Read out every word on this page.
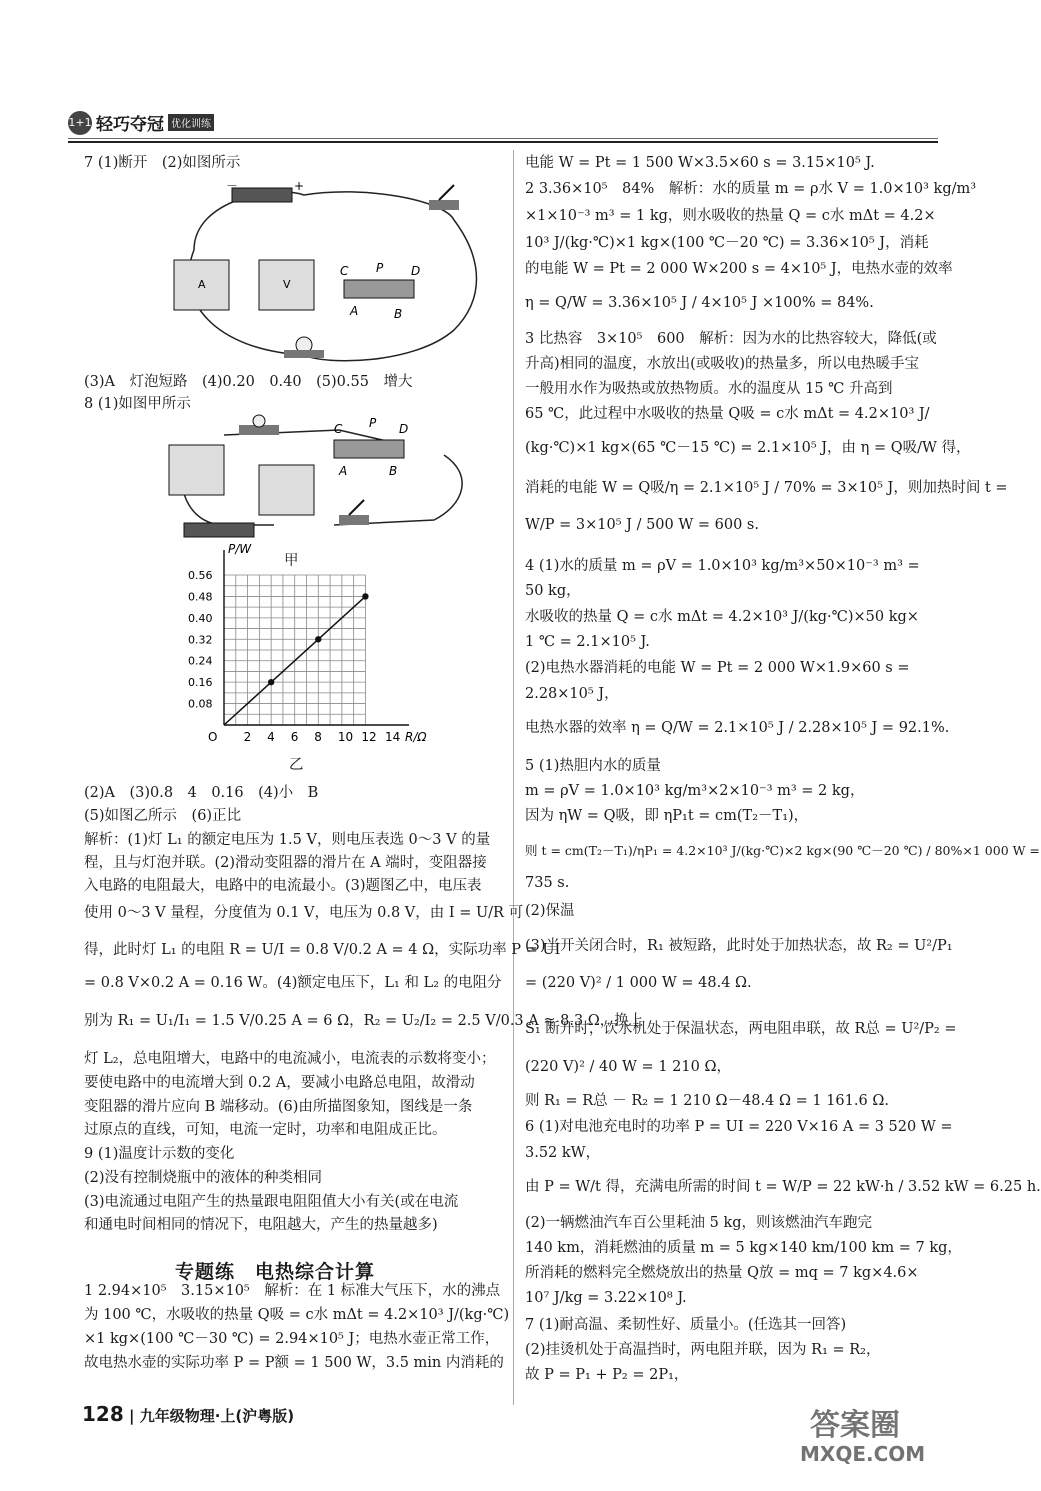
1+1 轻巧夺冠 优化训练
7 (1)断开　(2)如图所示
－	+
A	V
C P D
A	B
(3)A　灯泡短路　(4)0.20　0.40　(5)0.55　增大
8 (1)如图甲所示
C P D
A	B
甲
R/Ω
P/W
O 2 4 6 8 10 12 14
0.08
0.16
0.24
0.32
0.40
0.48
0.56
乙
(2)A　(3)0.8　4　0.16　(4)小　B
(5)如图乙所示　(6)正比
解析：(1)灯 L₁ 的额定电压为 1.5 V，则电压表选 0～3 V 的量
程，且与灯泡并联。(2)滑动变阻器的滑片在 A 端时，变阻器接
入电路的电阻最大，电路中的电流最小。(3)题图乙中，电压表
使用 0～3 V 量程，分度值为 0.1 V，电压为 0.8 V，由 I = U/R 可
得，此时灯 L₁ 的电阻 R = U/I = 0.8 V/0.2 A = 4 Ω，实际功率 P = UI
= 0.8 V×0.2 A = 0.16 W。(4)额定电压下，L₁ 和 L₂ 的电阻分
别为 R₁ = U₁/I₁ = 1.5 V/0.25 A = 6 Ω，R₂ = U₂/I₂ = 2.5 V/0.3 A ≈ 8.3 Ω，换上
灯 L₂，总电阻增大，电路中的电流减小，电流表的示数将变小；
要使电路中的电流增大到 0.2 A，要减小电路总电阻，故滑动
变阻器的滑片应向 B 端移动。(6)由所描图象知，图线是一条
过原点的直线，可知，电流一定时，功率和电阻成正比。
9 (1)温度计示数的变化
(2)没有控制烧瓶中的液体的种类相同
(3)电流通过电阻产生的热量跟电阻阻值大小有关(或在电流
和通电时间相同的情况下，电阻越大，产生的热量越多)
1 2.94×10⁵　3.15×10⁵　解析：在 1 标准大气压下，水的沸点
为 100 ℃，水吸收的热量 Q吸 = c水 mΔt = 4.2×10³ J/(kg·℃)
×1 kg×(100 ℃－30 ℃) = 2.94×10⁵ J；电热水壶正常工作，
故电热水壶的实际功率 P = P额 = 1 500 W，3.5 min 内消耗的
专题练　电热综合计算
电能 W = Pt = 1 500 W×3.5×60 s = 3.15×10⁵ J.
2 3.36×10⁵　84%　解析：水的质量 m = ρ水 V = 1.0×10³ kg/m³
×1×10⁻³ m³ = 1 kg，则水吸收的热量 Q = c水 mΔt = 4.2×
10³ J/(kg·℃)×1 kg×(100 ℃－20 ℃) = 3.36×10⁵ J，消耗
的电能 W = Pt = 2 000 W×200 s = 4×10⁵ J，电热水壶的效率
η = Q/W = 3.36×10⁵ J / 4×10⁵ J ×100% = 84%.
3 比热容　3×10⁵　600　解析：因为水的比热容较大，降低(或
升高)相同的温度，水放出(或吸收)的热量多，所以电热暖手宝
一般用水作为吸热或放热物质。水的温度从 15 ℃ 升高到
65 ℃，此过程中水吸收的热量 Q吸 = c水 mΔt = 4.2×10³ J/
(kg·℃)×1 kg×(65 ℃－15 ℃) = 2.1×10⁵ J，由 η = Q吸/W 得，
消耗的电能 W = Q吸/η = 2.1×10⁵ J / 70% = 3×10⁵ J，则加热时间 t =
W/P = 3×10⁵ J / 500 W = 600 s.
4 (1)水的质量 m = ρV = 1.0×10³ kg/m³×50×10⁻³ m³ =
50 kg，
水吸收的热量 Q = c水 mΔt = 4.2×10³ J/(kg·℃)×50 kg×
1 ℃ = 2.1×10⁵ J.
(2)电热水器消耗的电能 W = Pt = 2 000 W×1.9×60 s =
2.28×10⁵ J，
电热水器的效率 η = Q/W = 2.1×10⁵ J / 2.28×10⁵ J = 92.1%.
5 (1)热胆内水的质量
m = ρV = 1.0×10³ kg/m³×2×10⁻³ m³ = 2 kg，
因为 ηW = Q吸，即 ηP₁t = cm(T₂－T₁)，
则 t = cm(T₂－T₁)/ηP₁ = 4.2×10³ J/(kg·℃)×2 kg×(90 ℃－20 ℃) / 80%×1 000 W =
735 s.
(2)保温
(3)当开关闭合时，R₁ 被短路，此时处于加热状态，故 R₂ = U²/P₁
= (220 V)² / 1 000 W = 48.4 Ω.
S₁ 断开时，饮水机处于保温状态，两电阻串联，故 R总 = U²/P₂ =
(220 V)² / 40 W = 1 210 Ω，
则 R₁ = R总 － R₂ = 1 210 Ω－48.4 Ω = 1 161.6 Ω.
6 (1)对电池充电时的功率 P = UI = 220 V×16 A = 3 520 W =
3.52 kW，
由 P = W/t 得，充满电所需的时间 t = W/P = 22 kW·h / 3.52 kW = 6.25 h.
(2)一辆燃油汽车百公里耗油 5 kg，则该燃油汽车跑完
140 km，消耗燃油的质量 m = 5 kg×140 km/100 km = 7 kg，
所消耗的燃料完全燃烧放出的热量 Q放 = mq = 7 kg×4.6×
10⁷ J/kg = 3.22×10⁸ J.
7 (1)耐高温、柔韧性好、质量小。(任选其一回答)
(2)挂烫机处于高温挡时，两电阻并联，因为 R₁ = R₂，
故 P = P₁ + P₂ = 2P₁，
128 | 九年级物理·上(沪粤版)	答案圈
MXQE.COM
